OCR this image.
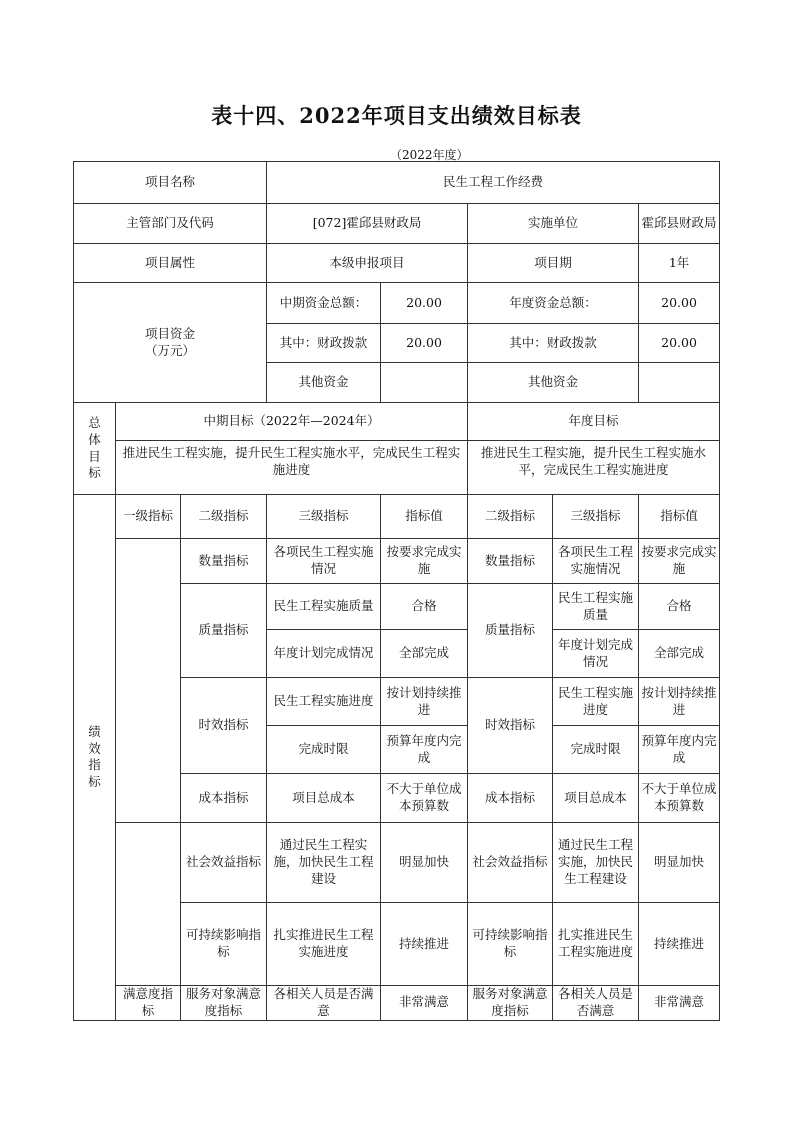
表十四、2022年项目支出绩效目标表
（2022年度）
项目名称			民生工程工作经费				
主管部门及代码			[072]霍邱县财政局		实施单位		霍邱县财政局
项目属性			本级申报项目		项目期		1年

项目资金
（万元）			中期资金总额：	20.00	年度资金总额：		20.00
			其中：财政拨款	20.00	其中：财政拨款		20.00
			其他资金		其他资金		

总体目标	中期目标（2022年—2024年）				年度目标		
	推进民生工程实施，提升民生工程实施水平，完成民生工程实施进度				推进民生工程实施，提升民生工程实施水平，完成民生工程实施进度		

绩效指标	一级指标	二级指标	三级指标	指标值	二级指标	三级指标	指标值
		数量指标	各项民生工程实施情况	按要求完成实施	数量指标	各项民生工程实施情况	按要求完成实施
		质量指标	民生工程实施质量	合格	质量指标	民生工程实施质量	合格
			年度计划完成情况	全部完成		年度计划完成情况	全部完成
		时效指标	民生工程实施进度	按计划持续推进	时效指标	民生工程实施进度	按计划持续推进
			完成时限	预算年度内完成		完成时限	预算年度内完成
		成本指标	项目总成本	不大于单位成本预算数	成本指标	项目总成本	不大于单位成本预算数
		社会效益指标	通过民生工程实施，加快民生工程建设	明显加快	社会效益指标	通过民生工程实施，加快民生工程建设	明显加快
		可持续影响指标	扎实推进民生工程实施进度	持续推进	可持续影响指标	扎实推进民生工程实施进度	持续推进
	满意度指标	服务对象满意度指标	各相关人员是否满意	非常满意	服务对象满意度指标	各相关人员是否满意	非常满意
